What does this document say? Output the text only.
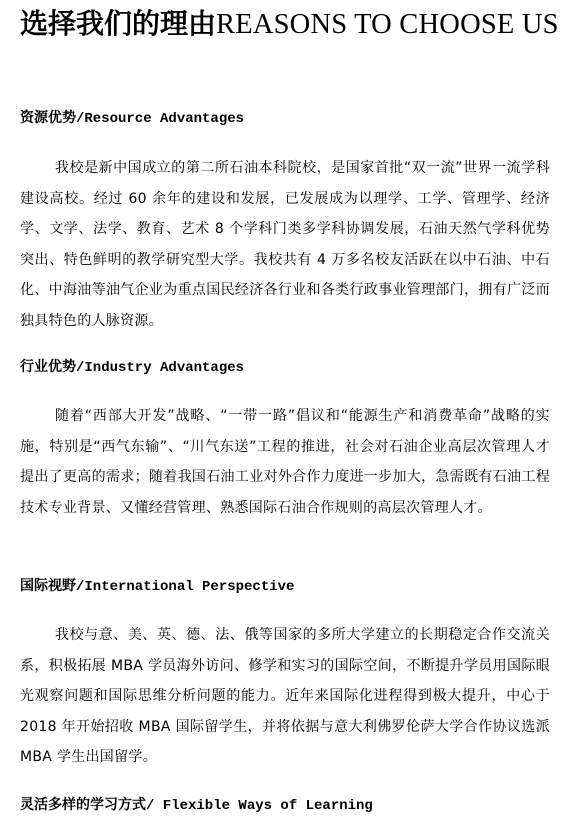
选择我们的理由REASONS TO CHOOSE US
资源优势/Resource Advantages

我校是新中国成立的第二所石油本科院校，是国家首批“双一流”世界一流学科建设高校。经过 60 余年的建设和发展，已发展成为以理学、工学、管理学、经济学、文学、法学、教育、艺术 8 个学科门类多学科协调发展，石油天然气学科优势突出、特色鲜明的教学研究型大学。我校共有 4 万多名校友活跃在以中石油、中石化、中海油等油气企业为重点国民经济各行业和各类行政事业管理部门，拥有广泛而独具特色的人脉资源。

行业优势/Industry Advantages

随着“西部大开发”战略、“一带一路”倡议和“能源生产和消费革命”战略的实施，特别是“西气东输”、“川气东送”工程的推进，社会对石油企业高层次管理人才提出了更高的需求；随着我国石油工业对外合作力度进一步加大，急需既有石油工程技术专业背景、又懂经营管理、熟悉国际石油合作规则的高层次管理人才。

国际视野/International Perspective

我校与意、美、英、德、法、俄等国家的多所大学建立的长期稳定合作交流关系，积极拓展 MBA 学员海外访问、修学和实习的国际空间，不断提升学员用国际眼光观察问题和国际思维分析问题的能力。近年来国际化进程得到极大提升，中心于 2018 年开始招收 MBA 国际留学生，并将依据与意大利佛罗伦萨大学合作协议选派 MBA 学生出国留学。

灵活多样的学习方式/ Flexible Ways of Learning
